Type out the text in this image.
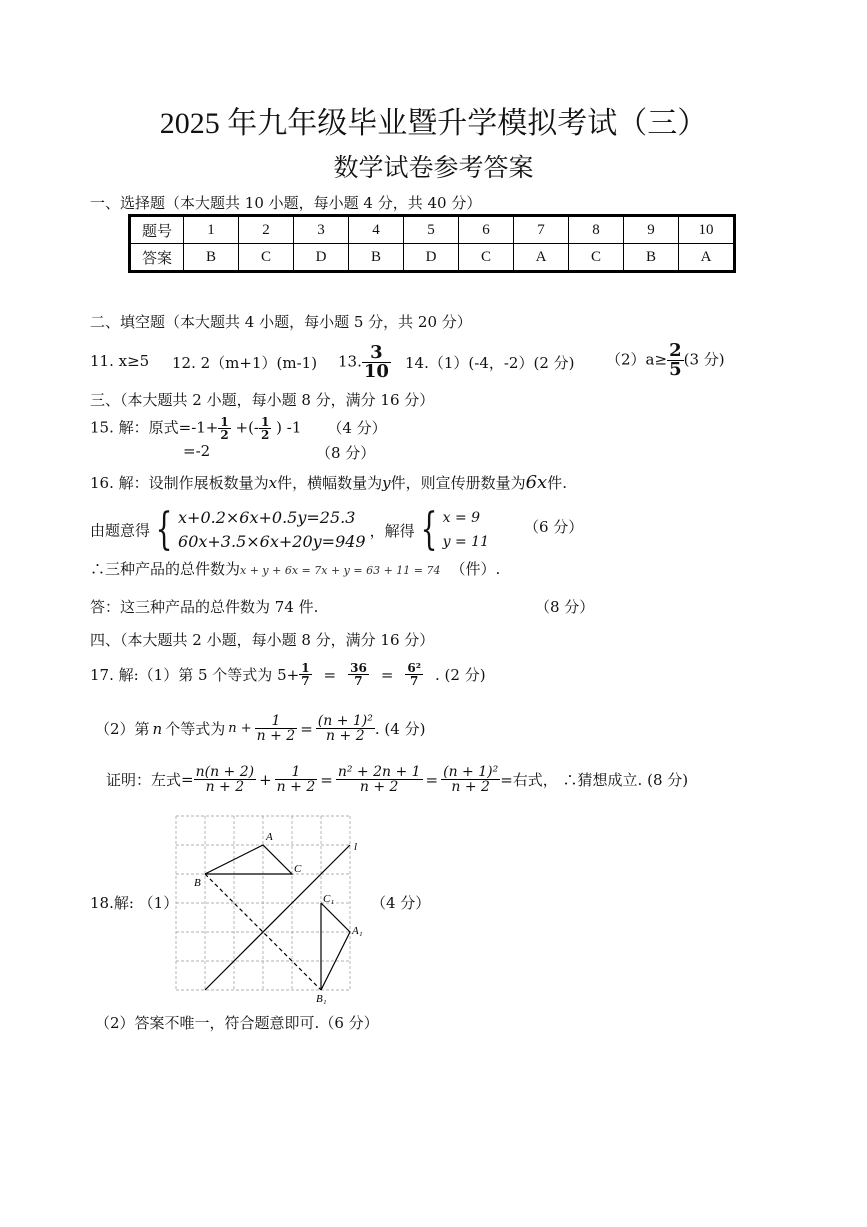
2025 年九年级毕业暨升学模拟考试（三）
数学试卷参考答案
一、选择题（本大题共 10 小题，每小题 4 分，共 40 分）
题号	1	2	3	4	5	6	7	8	9	10
答案	B	C	D	B	D	C	A	C	B	A
二、填空题（本大题共 4 小题，每小题 5 分，共 20 分）
11. x≥5 12. 2（m+1）(m-1) 13. $\frac{3}{10} 14.(1)(-4$，-2）(2 分) $(2)a\ge \frac{2}{5} (3$ 分)
三、（本大题共 2 小题，每小题 8 分，满分 16 分）
15. 解：原式$=-1+ \frac{1}{2}$ +(- $\frac{1}{2}$ ) -1 （4 分）
=-2	（8 分）
16. 解：设制作展板数量为x件，横幅数量为y件，则宣传册数量为6x件.
由题意得 { x+0.2×6x+0.5y=25.3
60x+3.5×6x+20y=949
，解得 { x = 9
y = 11
（6 分）
∴三种产品的总件数为x + y + 6x = 7x + y = 63 + 11 = 74 （件）.
答：这三种产品的总件数为 74 件.	（8 分）
四、（本大题共 2 小题，每小题 8 分，满分 16 分）
17. 解:（1）第 5 个等式为 $5+ \frac{1}{7} = \frac{36}{7} = \frac{\text{6²}}{7}$ . (2 分)
（2）第 n 个等式为 $n + \frac{1}{n + 2} = \frac{\text{(n + 1)²}}{n + 2}$ . (4 分)
证明：左式= $\frac{n(n + 2)}{n + 2} + \frac{1}{n + 2} = \frac{\text{n² + 2n + 1}}{n + 2} = \frac{\text{(n + 1)²}}{n + 2}$ =右式， ∴猜想成立. (8 分)
18.解: （1）	（4 分）
A
B
C
l
C₁
A₁
B₁
（2）答案不唯一，符合题意即可.（6 分）
